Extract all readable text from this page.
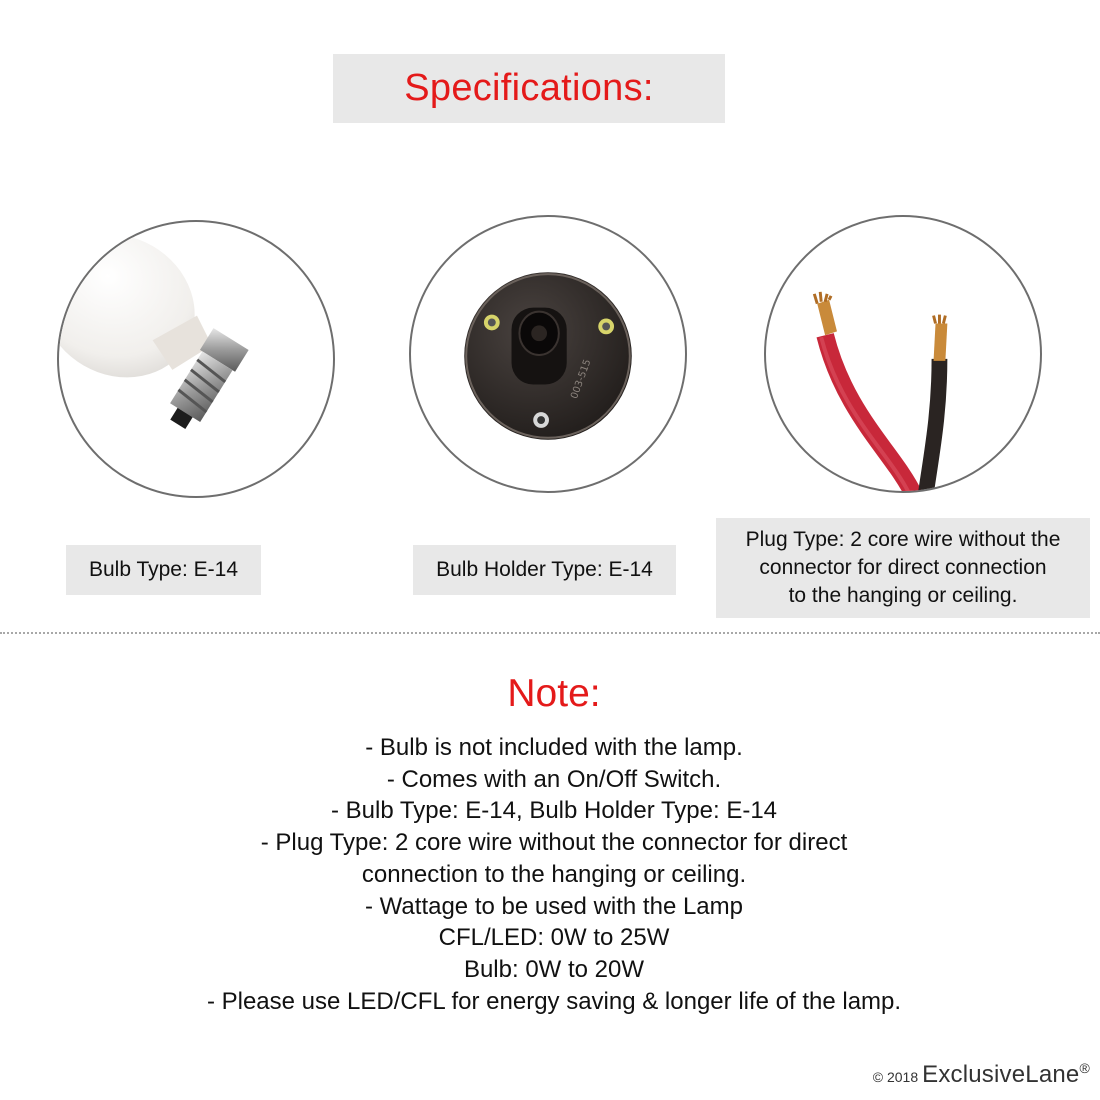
Specifications:
003-515
Bulb Type: E-14	Bulb Holder Type: E-14
Plug Type: 2 core wire without the
connector for direct connection
to the hanging or ceiling.
Note:
- Bulb is not included with the lamp.
- Comes with an On/Off Switch.
- Bulb Type: E-14, Bulb Holder Type: E-14
- Plug Type: 2 core wire without the connector for direct
connection to the hanging or ceiling.
- Wattage to be used with the Lamp
CFL/LED: 0W to 25W
Bulb: 0W to 20W
- Please use LED/CFL for energy saving & longer life of the lamp.
© 2018 ExclusiveLane®
